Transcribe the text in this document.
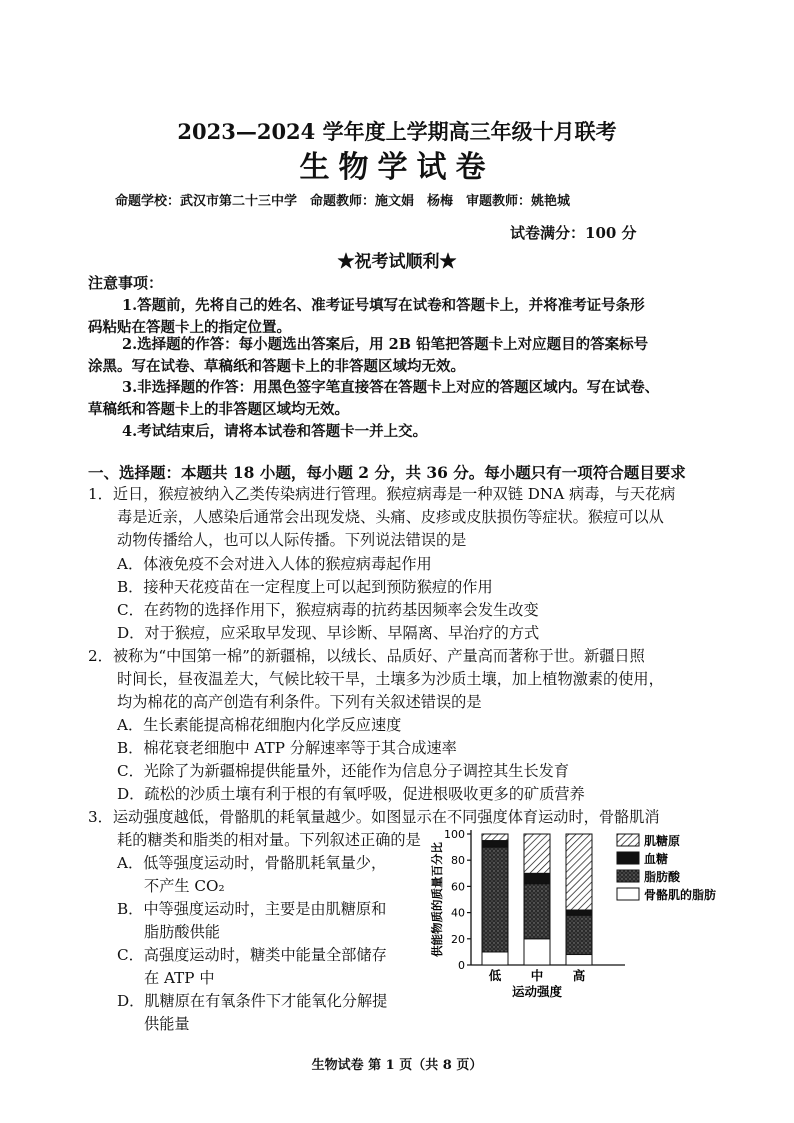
2023—2024 学年度上学期高三年级十月联考
生物学试卷
命题学校：武汉市第二十三中学　命题教师：施文娟　杨梅　审题教师：姚艳城
试卷满分：100 分
★祝考试顺利★
注意事项：
1.答题前，先将自己的姓名、准考证号填写在试卷和答题卡上，并将准考证号条形
码粘贴在答题卡上的指定位置。
2.选择题的作答：每小题选出答案后，用 2B 铅笔把答题卡上对应题目的答案标号
涂黑。写在试卷、草稿纸和答题卡上的非答题区域均无效。
3.非选择题的作答：用黑色签字笔直接答在答题卡上对应的答题区域内。写在试卷、
草稿纸和答题卡上的非答题区域均无效。
4.考试结束后，请将本试卷和答题卡一并上交。
一、选择题：本题共 18 小题，每小题 2 分，共 36 分。每小题只有一项符合题目要求
1．近日，猴痘被纳入乙类传染病进行管理。猴痘病毒是一种双链 DNA 病毒，与天花病
毒是近亲，人感染后通常会出现发烧、头痛、皮疹或皮肤损伤等症状。猴痘可以从
动物传播给人，也可以人际传播。下列说法错误的是
A．体液免疫不会对进入人体的猴痘病毒起作用
B．接种天花疫苗在一定程度上可以起到预防猴痘的作用
C．在药物的选择作用下，猴痘病毒的抗药基因频率会发生改变
D．对于猴痘，应采取早发现、早诊断、早隔离、早治疗的方式
2．被称为“中国第一棉”的新疆棉，以绒长、品质好、产量高而著称于世。新疆日照
时间长，昼夜温差大，气候比较干旱，土壤多为沙质土壤，加上植物激素的使用，
均为棉花的高产创造有利条件。下列有关叙述错误的是
A．生长素能提高棉花细胞内化学反应速度
B．棉花衰老细胞中 ATP 分解速率等于其合成速率
C．光除了为新疆棉提供能量外，还能作为信息分子调控其生长发育
D．疏松的沙质土壤有利于根的有氧呼吸，促进根吸收更多的矿质营养
3．运动强度越低，骨骼肌的耗氧量越少。如图显示在不同强度体育运动时，骨骼肌消
耗的糖类和脂类的相对量。下列叙述正确的是
A．低等强度运动时，骨骼肌耗氧量少，
不产生 CO₂
B．中等强度运动时，主要是由肌糖原和
脂肪酸供能
C．高强度运动时，糖类中能量全部储存
在 ATP 中
D．肌糖原在有氧条件下才能氧化分解提
供能量
0
20
40
60
80
100
供能物质的质量百分比
低 中 高
运动强度
肌糖原
血糖
脂肪酸
骨骼肌的脂肪
生物试卷 第 1 页（共 8 页）
